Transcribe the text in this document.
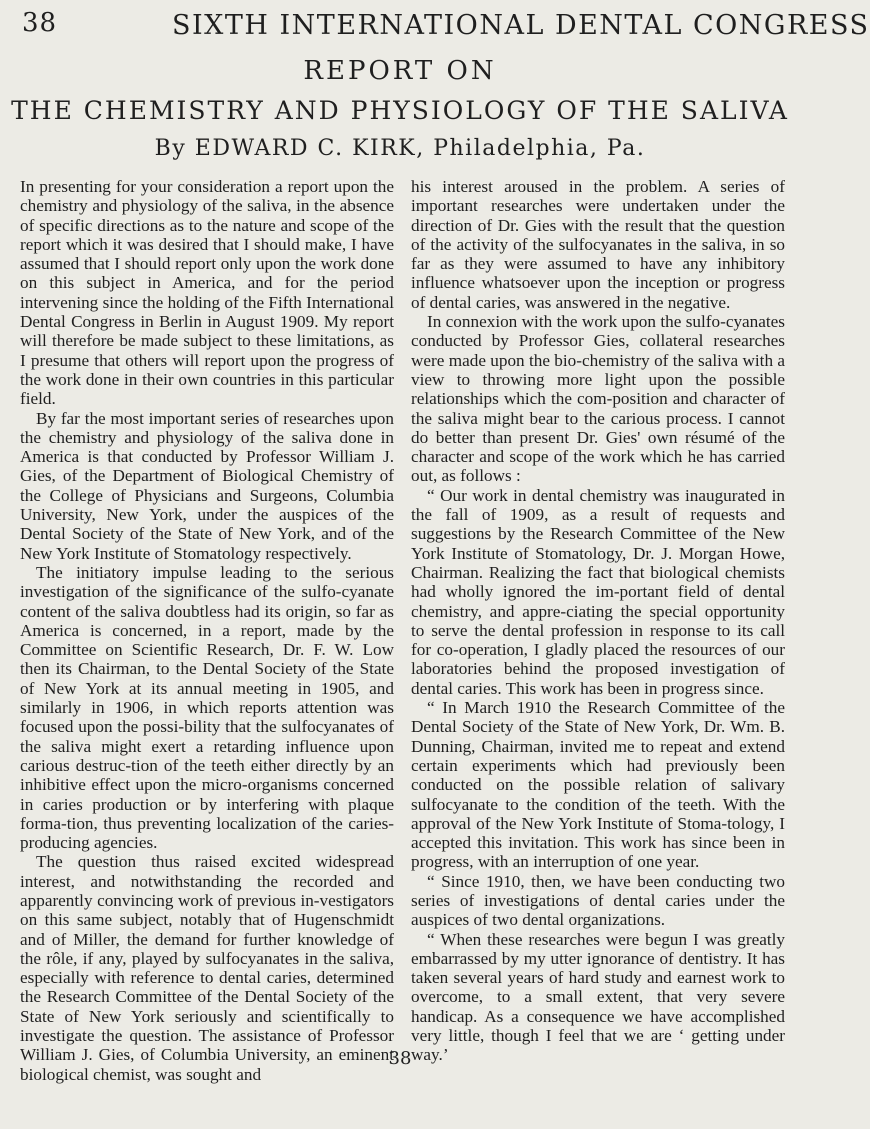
38	SIXTH INTERNATIONAL DENTAL CONGRESS
REPORT ON
THE CHEMISTRY AND PHYSIOLOGY OF THE SALIVA
By EDWARD C. KIRK, Philadelphia, Pa.

In presenting for your consideration a report upon the chemistry and physiology of the saliva, in the absence of specific directions as to the nature and scope of the report which it was desired that I should make, I have assumed that I should report only upon the work done on this subject in America, and for the period intervening since the holding of the Fifth International Dental Congress in Berlin in August 1909. My report will therefore be made subject to these limitations, as I presume that others will report upon the progress of the work done in their own countries in this particular field.

By far the most important series of researches upon the chemistry and physiology of the saliva done in America is that conducted by Professor William J. Gies, of the Department of Biological Chemistry of the College of Physicians and Surgeons, Columbia University, New York, under the auspices of the Dental Society of the State of New York, and of the New York Institute of Stomatology respectively.

The initiatory impulse leading to the serious investigation of the significance of the sulfo-cyanate content of the saliva doubtless had its origin, so far as America is concerned, in a report, made by the Committee on Scientific Research, Dr. F. W. Low then its Chairman, to the Dental Society of the State of New York at its annual meeting in 1905, and similarly in 1906, in which reports attention was focused upon the possi-bility that the sulfocyanates of the saliva might exert a retarding influence upon carious destruc-tion of the teeth either directly by an inhibitive effect upon the micro-organisms concerned in caries production or by interfering with plaque forma-tion, thus preventing localization of the caries-producing agencies.

The question thus raised excited widespread interest, and notwithstanding the recorded and apparently convincing work of previous in-vestigators on this same subject, notably that of Hugenschmidt and of Miller, the demand for further knowledge of the rôle, if any, played by sulfocyanates in the saliva, especially with reference to dental caries, determined the Research Committee of the Dental Society of the State of New York seriously and scientifically to investigate the question. The assistance of Professor William J. Gies, of Columbia University, an eminent biological chemist, was sought and

his interest aroused in the problem. A series of important researches were undertaken under the direction of Dr. Gies with the result that the question of the activity of the sulfocyanates in the saliva, in so far as they were assumed to have any inhibitory influence whatsoever upon the inception or progress of dental caries, was answered in the negative.

In connexion with the work upon the sulfo-cyanates conducted by Professor Gies, collateral researches were made upon the bio-chemistry of the saliva with a view to throwing more light upon the possible relationships which the com-position and character of the saliva might bear to the carious process. I cannot do better than present Dr. Gies' own résumé of the character and scope of the work which he has carried out, as follows :

“ Our work in dental chemistry was inaugurated in the fall of 1909, as a result of requests and suggestions by the Research Committee of the New York Institute of Stomatology, Dr. J. Morgan Howe, Chairman. Realizing the fact that biological chemists had wholly ignored the im-portant field of dental chemistry, and appre-ciating the special opportunity to serve the dental profession in response to its call for co-operation, I gladly placed the resources of our laboratories behind the proposed investigation of dental caries. This work has been in progress since.

“ In March 1910 the Research Committee of the Dental Society of the State of New York, Dr. Wm. B. Dunning, Chairman, invited me to repeat and extend certain experiments which had previously been conducted on the possible relation of salivary sulfocyanate to the condition of the teeth. With the approval of the New York Institute of Stoma-tology, I accepted this invitation. This work has since been in progress, with an interruption of one year.

“ Since 1910, then, we have been conducting two series of investigations of dental caries under the auspices of two dental organizations.

“ When these researches were begun I was greatly embarrassed by my utter ignorance of dentistry. It has taken several years of hard study and earnest work to overcome, to a small extent, that very severe handicap. As a consequence we have accomplished very little, though I feel that we are ‘ getting under way.’

38
